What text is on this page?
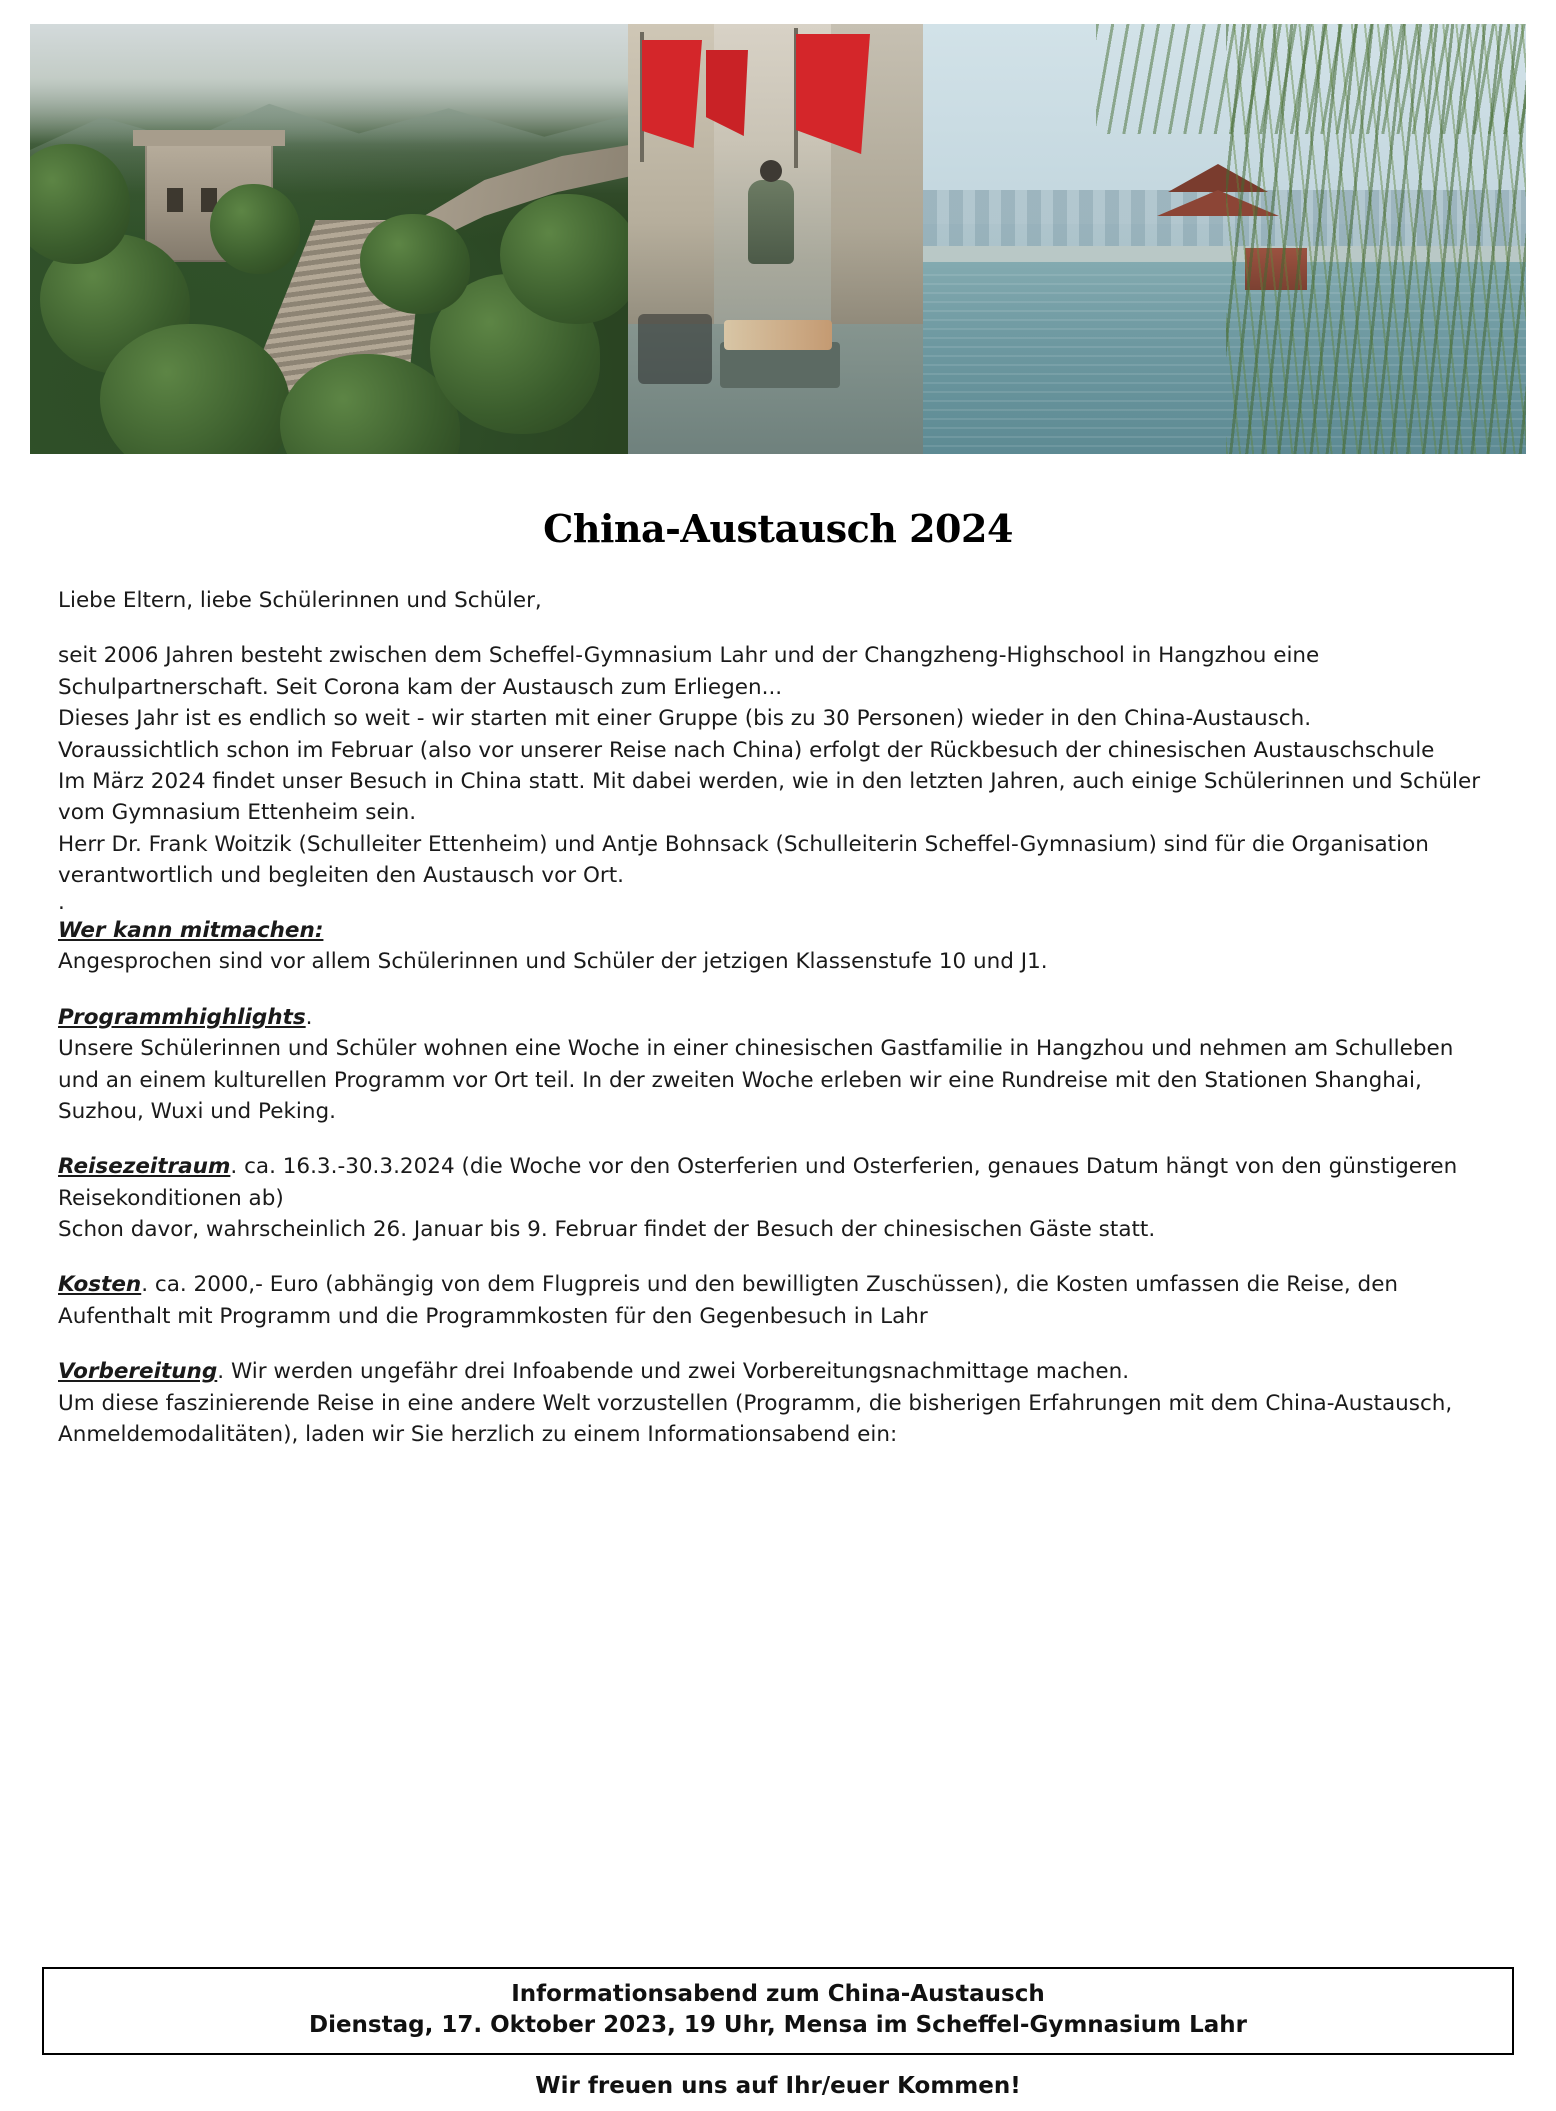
China-Austausch 2024

Liebe Eltern, liebe Schülerinnen und Schüler,

seit 2006 Jahren besteht zwischen dem Scheffel-Gymnasium Lahr und der Changzheng-Highschool in Hangzhou eine Schulpartnerschaft. Seit Corona kam der Austausch zum Erliegen...

Dieses Jahr ist es endlich so weit - wir starten mit einer Gruppe (bis zu 30 Personen) wieder in den China-Austausch.

Voraussichtlich schon im Februar (also vor unserer Reise nach China) erfolgt der Rückbesuch der chinesischen Austauschschule

Im März 2024 findet unser Besuch in China statt. Mit dabei werden, wie in den letzten Jahren, auch einige Schülerinnen und Schüler vom Gymnasium Ettenheim sein.

Herr Dr. Frank Woitzik (Schulleiter Ettenheim) und Antje Bohnsack (Schulleiterin Scheffel-Gymnasium) sind für die Organisation verantwortlich und begleiten den Austausch vor Ort.

.

Wer kann mitmachen:

Angesprochen sind vor allem Schülerinnen und Schüler der jetzigen Klassenstufe 10 und J1.

Programmhighlights.

Unsere Schülerinnen und Schüler wohnen eine Woche in einer chinesischen Gastfamilie in Hangzhou und nehmen am Schulleben und an einem kulturellen Programm vor Ort teil. In der zweiten Woche erleben wir eine Rundreise mit den Stationen Shanghai, Suzhou, Wuxi und Peking.

Reisezeitraum. ca. 16.3.-30.3.2024 (die Woche vor den Osterferien und Osterferien, genaues Datum hängt von den günstigeren Reisekonditionen ab)

Schon davor, wahrscheinlich 26. Januar bis 9. Februar findet der Besuch der chinesischen Gäste statt.

Kosten. ca. 2000,- Euro (abhängig von dem Flugpreis und den bewilligten Zuschüssen), die Kosten umfassen die Reise, den Aufenthalt mit Programm und die Programmkosten für den Gegenbesuch in Lahr

Vorbereitung. Wir werden ungefähr drei Infoabende und zwei Vorbereitungsnachmittage machen.

Um diese faszinierende Reise in eine andere Welt vorzustellen (Programm, die bisherigen Erfahrungen mit dem China-Austausch, Anmeldemodalitäten), laden wir Sie herzlich zu einem Informationsabend ein:

Informationsabend zum China-Austausch
Dienstag, 17. Oktober 2023, 19 Uhr, Mensa im Scheffel-Gymnasium Lahr
Wir freuen uns auf Ihr/euer Kommen!
